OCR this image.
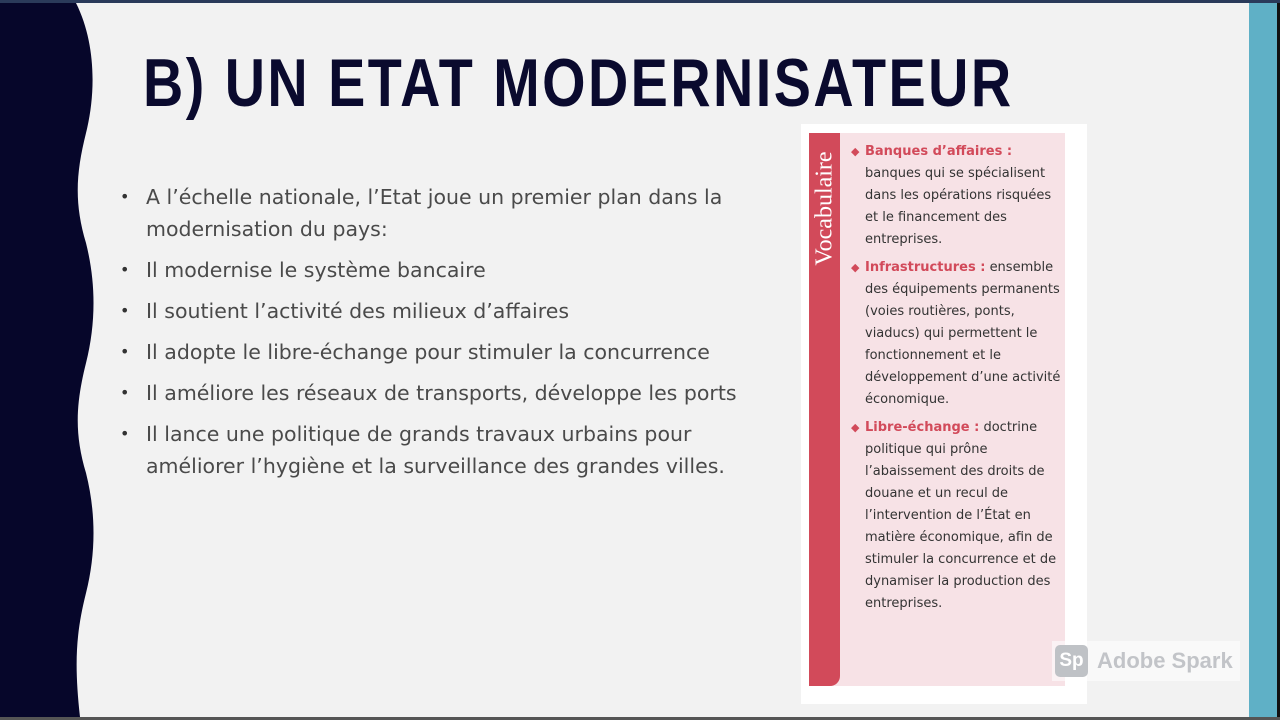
B) UN ETAT MODERNISATEUR
• A l’échelle nationale, l’Etat joue un premier plan dans la modernisation du pays:
• Il modernise le système bancaire
• Il soutient l’activité des milieux d’affaires
• Il adopte le libre-échange pour stimuler la concurrence
• Il améliore les réseaux de transports, développe les ports
• Il lance une politique de grands travaux urbains pour améliorer l’hygiène et la surveillance des grandes villes.
Vocabulaire ◆ Banques d’affaires : banques qui se spécialisent dans les opérations risquées et le financement des entreprises.
◆ Infrastructures : ensemble des équipements permanents (voies routières, ponts, viaducs) qui permettent le fonctionnement et le développement d’une activité économique.
◆ Libre-échange : doctrine politique qui prône l’abaissement des droits de douane et un recul de l’intervention de l’État en matière économique, afin de stimuler la concurrence et de dynamiser la production des entreprises.
Sp Adobe Spark
